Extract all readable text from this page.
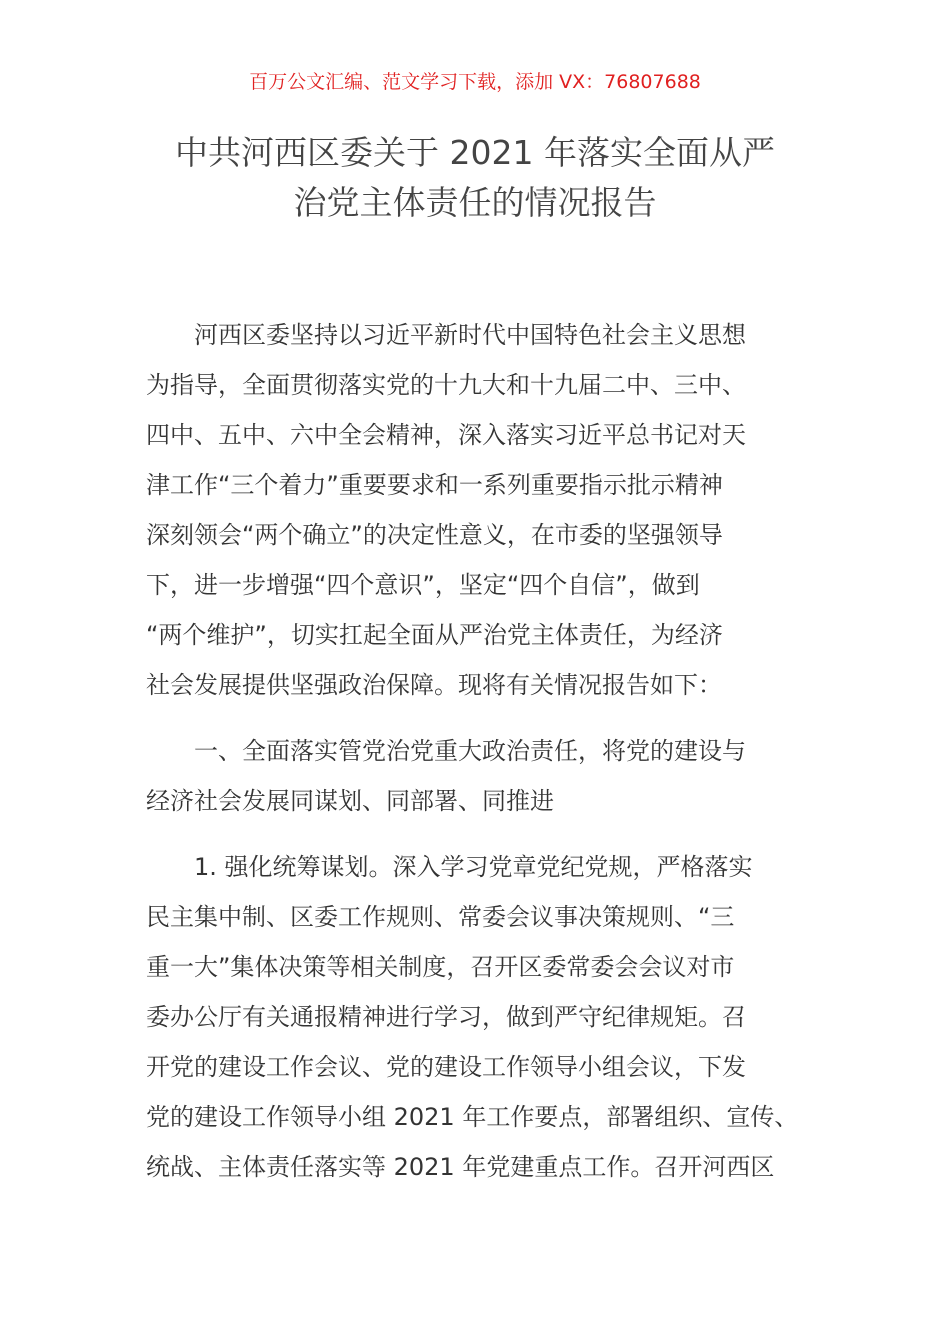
百万公文汇编、范文学习下载，添加 VX：76807688
中共河西区委关于 2021 年落实全面从严
治党主体责任的情况报告
　　河西区委坚持以习近平新时代中国特色社会主义思想
为指导，全面贯彻落实党的十九大和十九届二中、三中、
四中、五中、六中全会精神，深入落实习近平总书记对天
津工作“三个着力”重要要求和一系列重要指示批示精神
深刻领会“两个确立”的决定性意义，在市委的坚强领导
下，进一步增强“四个意识”，坚定“四个自信”，做到
“两个维护”，切实扛起全面从严治党主体责任，为经济
社会发展提供坚强政治保障。现将有关情况报告如下：
　　一、全面落实管党治党重大政治责任，将党的建设与
经济社会发展同谋划、同部署、同推进
　　1. 强化统筹谋划。深入学习党章党纪党规，严格落实
民主集中制、区委工作规则、常委会议事决策规则、“三
重一大”集体决策等相关制度，召开区委常委会会议对市
委办公厅有关通报精神进行学习，做到严守纪律规矩。召
开党的建设工作会议、党的建设工作领导小组会议，下发
党的建设工作领导小组 2021 年工作要点，部署组织、宣传、
统战、主体责任落实等 2021 年党建重点工作。召开河西区
